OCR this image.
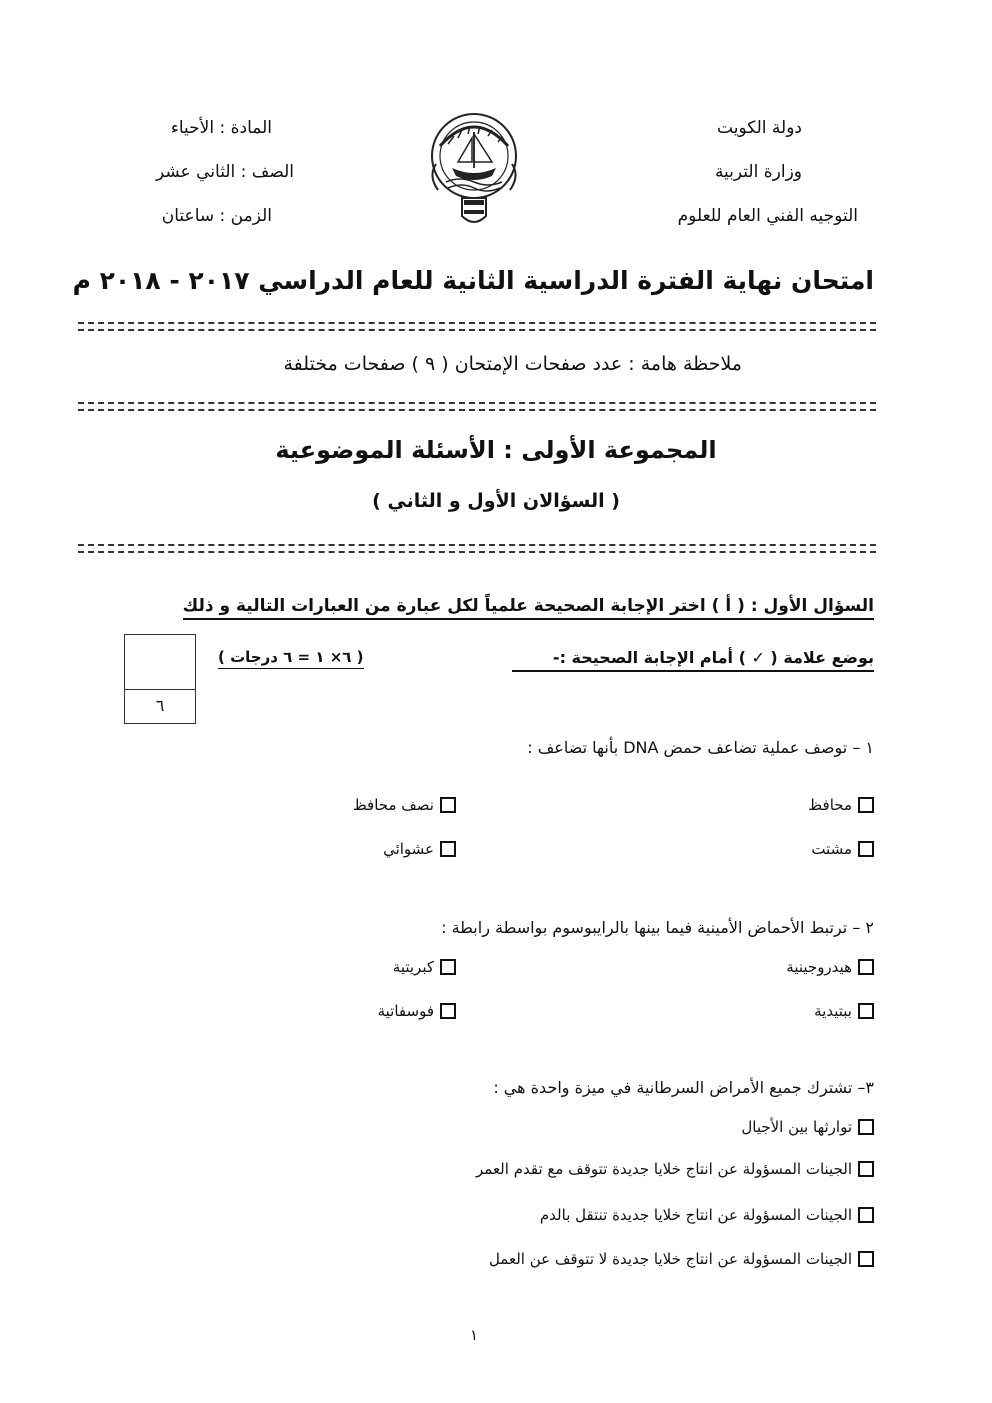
دولة الكويت
وزارة التربية
التوجيه الفني العام للعلوم
المادة : الأحياء
الصف : الثاني عشر
الزمن : ساعتان
امتحان نهاية الفترة الدراسية الثانية للعام الدراسي ٢٠١٧ - ٢٠١٨ م
ملاحظة هامة : عدد صفحات الإمتحان ( ٩ ) صفحات مختلفة
المجموعة الأولى : الأسئلة الموضوعية
( السؤالان الأول و الثاني )
السؤال الأول : ( أ ) اختر الإجابة الصحيحة علمياً لكل عبارة من العبارات التالية و ذلك
بوضع علامة ( ✓ ) أمام الإجابة الصحيحة :-
( ٦× ١ = ٦ درجات )
٦
١ – توصف عملية تضاعف حمض DNA بأنها تضاعف :
محافظ
نصف محافظ
مشتت
عشوائي
٢ – ترتبط الأحماض الأمينية فيما بينها بالرايبوسوم بواسطة رابطة :
هيدروجينية
كبريتية
ببتيدية
فوسفاتية
٣– تشترك جميع الأمراض السرطانية في ميزة واحدة هي :
توارثها بين الأجيال
الجينات المسؤولة عن انتاج خلايا جديدة تتوقف مع تقدم العمر
الجينات المسؤولة عن انتاج خلايا جديدة تنتقل بالدم
الجينات المسؤولة عن انتاج خلايا جديدة لا تتوقف عن العمل
١
